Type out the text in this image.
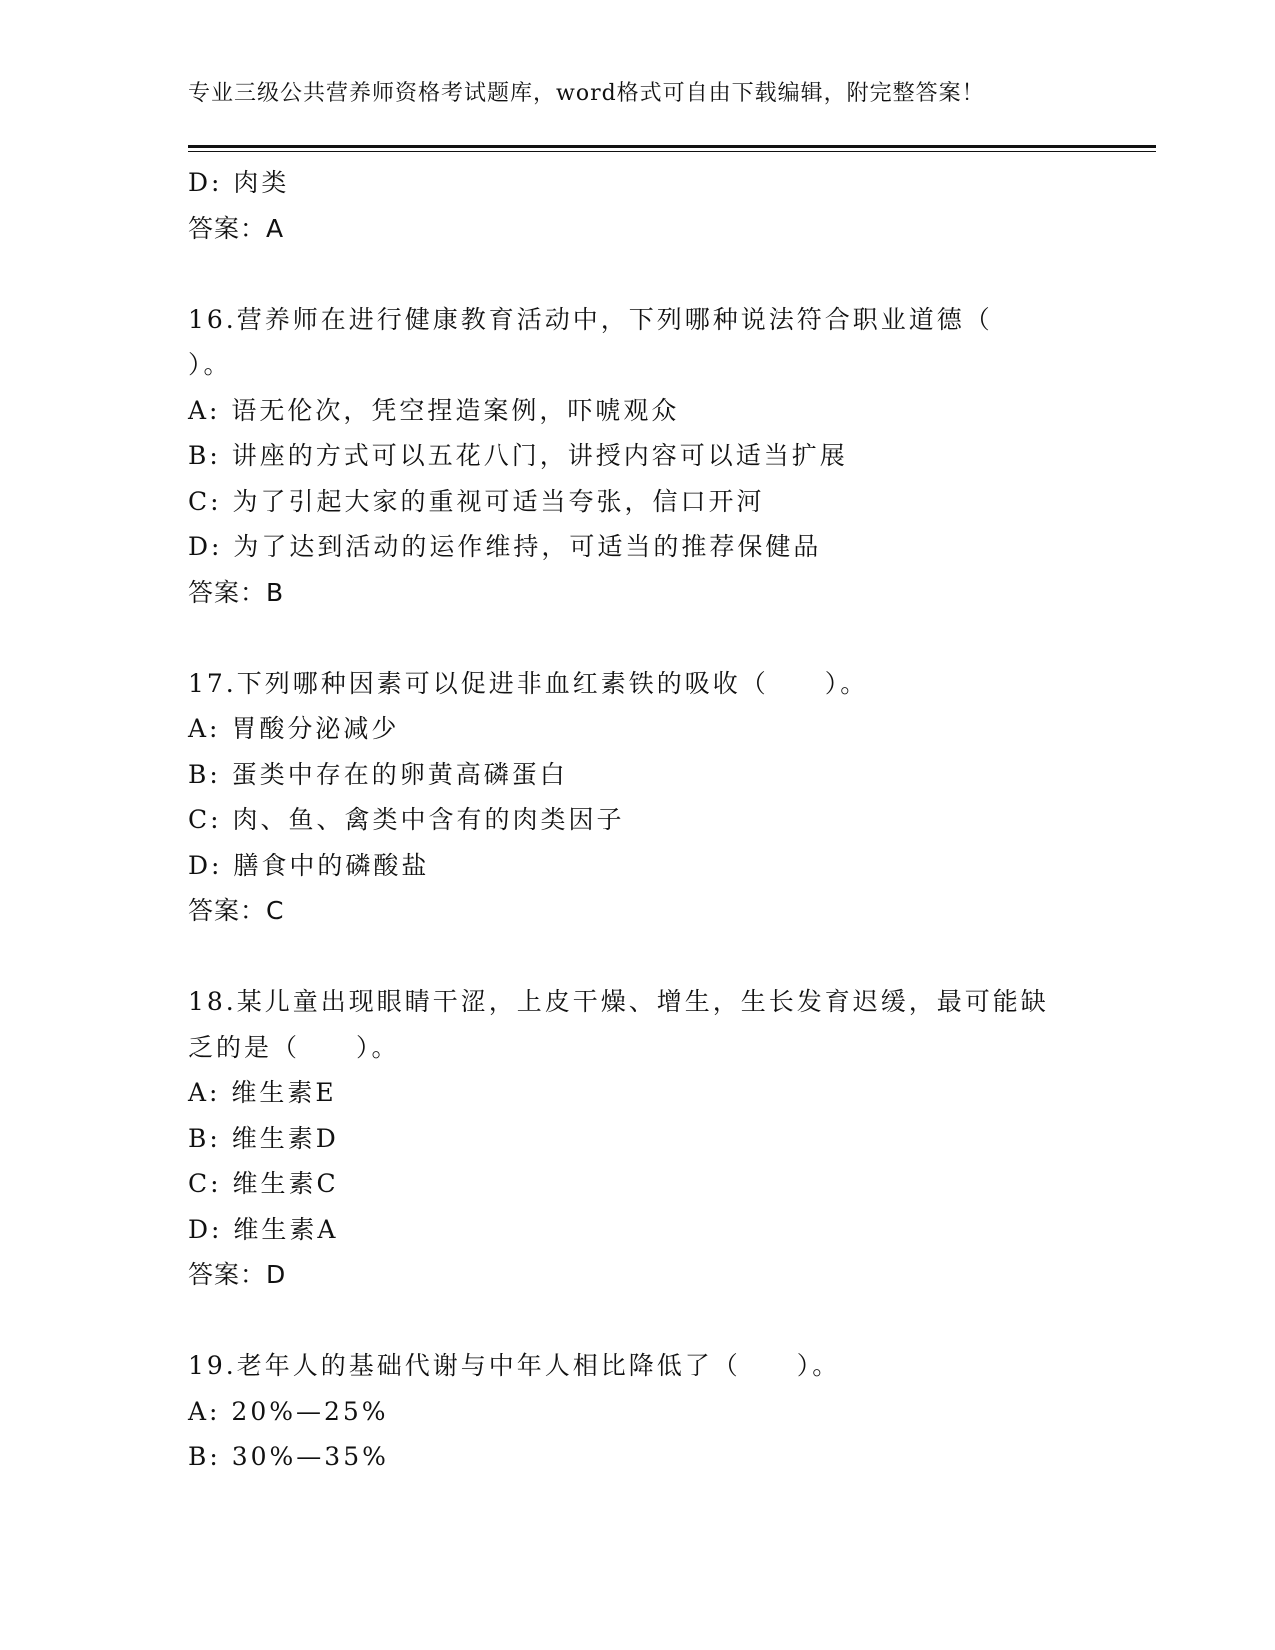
专业三级公共营养师资格考试题库，word格式可自由下载编辑，附完整答案！
D: 肉类
答案：A
16.营养师在进行健康教育活动中，下列哪种说法符合职业道德（
）。
A: 语无伦次，凭空捏造案例，吓唬观众
B: 讲座的方式可以五花八门，讲授内容可以适当扩展
C: 为了引起大家的重视可适当夸张，信口开河
D: 为了达到活动的运作维持，可适当的推荐保健品
答案：B
17.下列哪种因素可以促进非血红素铁的吸收（　　）。
A: 胃酸分泌减少
B: 蛋类中存在的卵黄高磷蛋白
C: 肉、鱼、禽类中含有的肉类因子
D: 膳食中的磷酸盐
答案：C
18.某儿童出现眼睛干涩，上皮干燥、增生，生长发育迟缓，最可能缺
乏的是（　　）。
A: 维生素E
B: 维生素D
C: 维生素C
D: 维生素A
答案：D
19.老年人的基础代谢与中年人相比降低了（　　）。
A: 20%—25%
B: 30%—35%
